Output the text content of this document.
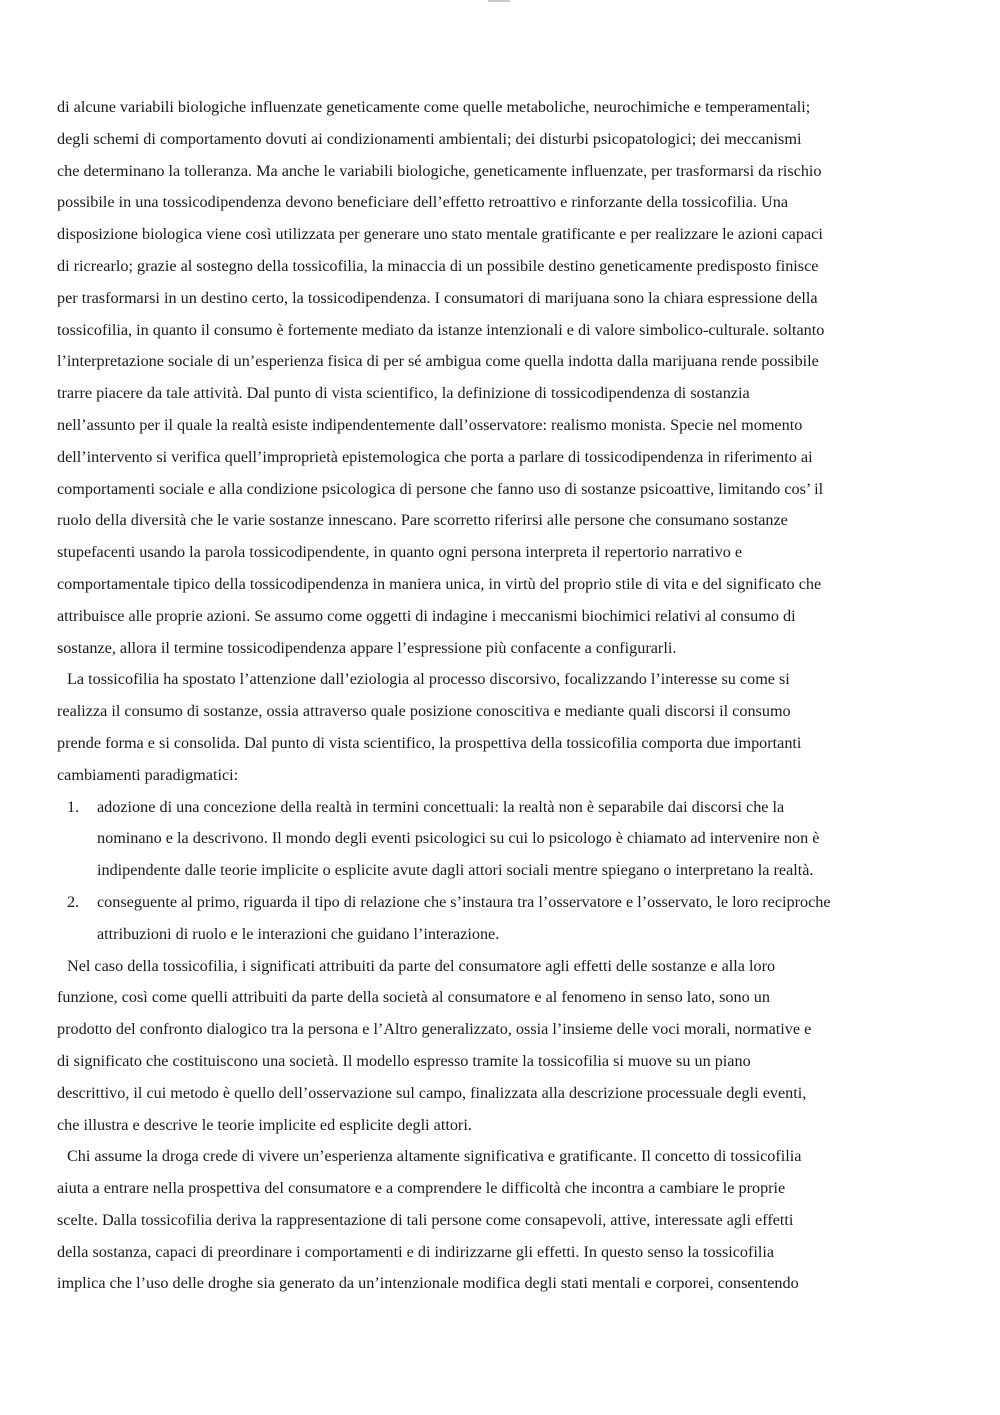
di alcune variabili biologiche influenzate geneticamente come quelle metaboliche, neurochimiche e temperamentali;
degli schemi di comportamento dovuti ai condizionamenti ambientali; dei disturbi psicopatologici; dei meccanismi
che determinano la tolleranza. Ma anche le variabili biologiche, geneticamente influenzate, per trasformarsi da rischio
possibile in una tossicodipendenza devono beneficiare dell’effetto retroattivo e rinforzante della tossicofilia. Una
disposizione biologica viene così utilizzata per generare uno stato mentale gratificante e per realizzare le azioni capaci
di ricrearlo; grazie al sostegno della tossicofilia, la minaccia di un possibile destino geneticamente predisposto finisce
per trasformarsi in un destino certo, la tossicodipendenza. I consumatori di marijuana sono la chiara espressione della
tossicofilia, in quanto il consumo è fortemente mediato da istanze intenzionali e di valore simbolico-culturale. soltanto
l’interpretazione sociale di un’esperienza fisica di per sé ambigua come quella indotta dalla marijuana rende possibile
trarre piacere da tale attività. Dal punto di vista scientifico, la definizione di tossicodipendenza di sostanzia
nell’assunto per il quale la realtà esiste indipendentemente dall’osservatore: realismo monista. Specie nel momento
dell’intervento si verifica quell’improprietà epistemologica che porta a parlare di tossicodipendenza in riferimento ai
comportamenti sociale e alla condizione psicologica di persone che fanno uso di sostanze psicoattive, limitando cos’ il
ruolo della diversità che le varie sostanze innescano. Pare scorretto riferirsi alle persone che consumano sostanze
stupefacenti usando la parola tossicodipendente, in quanto ogni persona interpreta il repertorio narrativo e
comportamentale tipico della tossicodipendenza in maniera unica, in virtù del proprio stile di vita e del significato che
attribuisce alle proprie azioni. Se assumo come oggetti di indagine i meccanismi biochimici relativi al consumo di
sostanze, allora il termine tossicodipendenza appare l’espressione più confacente a configurarli.

La tossicofilia ha spostato l’attenzione dall’eziologia al processo discorsivo, focalizzando l’interesse su come si
realizza il consumo di sostanze, ossia attraverso quale posizione conoscitiva e mediante quali discorsi il consumo
prende forma e si consolida. Dal punto di vista scientifico, la prospettiva della tossicofilia comporta due importanti
cambiamenti paradigmatici:

1. adozione di una concezione della realtà in termini concettuali: la realtà non è separabile dai discorsi che la
nominano e la descrivono. Il mondo degli eventi psicologici su cui lo psicologo è chiamato ad intervenire non è
indipendente dalle teorie implicite o esplicite avute dagli attori sociali mentre spiegano o interpretano la realtà.
2. conseguente al primo, riguarda il tipo di relazione che s’instaura tra l’osservatore e l’osservato, le loro reciproche
attribuzioni di ruolo e le interazioni che guidano l’interazione.

Nel caso della tossicofilia, i significati attribuiti da parte del consumatore agli effetti delle sostanze e alla loro
funzione, così come quelli attribuiti da parte della società al consumatore e al fenomeno in senso lato, sono un
prodotto del confronto dialogico tra la persona e l’Altro generalizzato, ossia l’insieme delle voci morali, normative e
di significato che costituiscono una società. Il modello espresso tramite la tossicofilia si muove su un piano
descrittivo, il cui metodo è quello dell’osservazione sul campo, finalizzata alla descrizione processuale degli eventi,
che illustra e descrive le teorie implicite ed esplicite degli attori.

Chi assume la droga crede di vivere un’esperienza altamente significativa e gratificante. Il concetto di tossicofilia
aiuta a entrare nella prospettiva del consumatore e a comprendere le difficoltà che incontra a cambiare le proprie
scelte. Dalla tossicofilia deriva la rappresentazione di tali persone come consapevoli, attive, interessate agli effetti
della sostanza, capaci di preordinare i comportamenti e di indirizzarne gli effetti. In questo senso la tossicofilia
implica che l’uso delle droghe sia generato da un’intenzionale modifica degli stati mentali e corporei, consentendo
